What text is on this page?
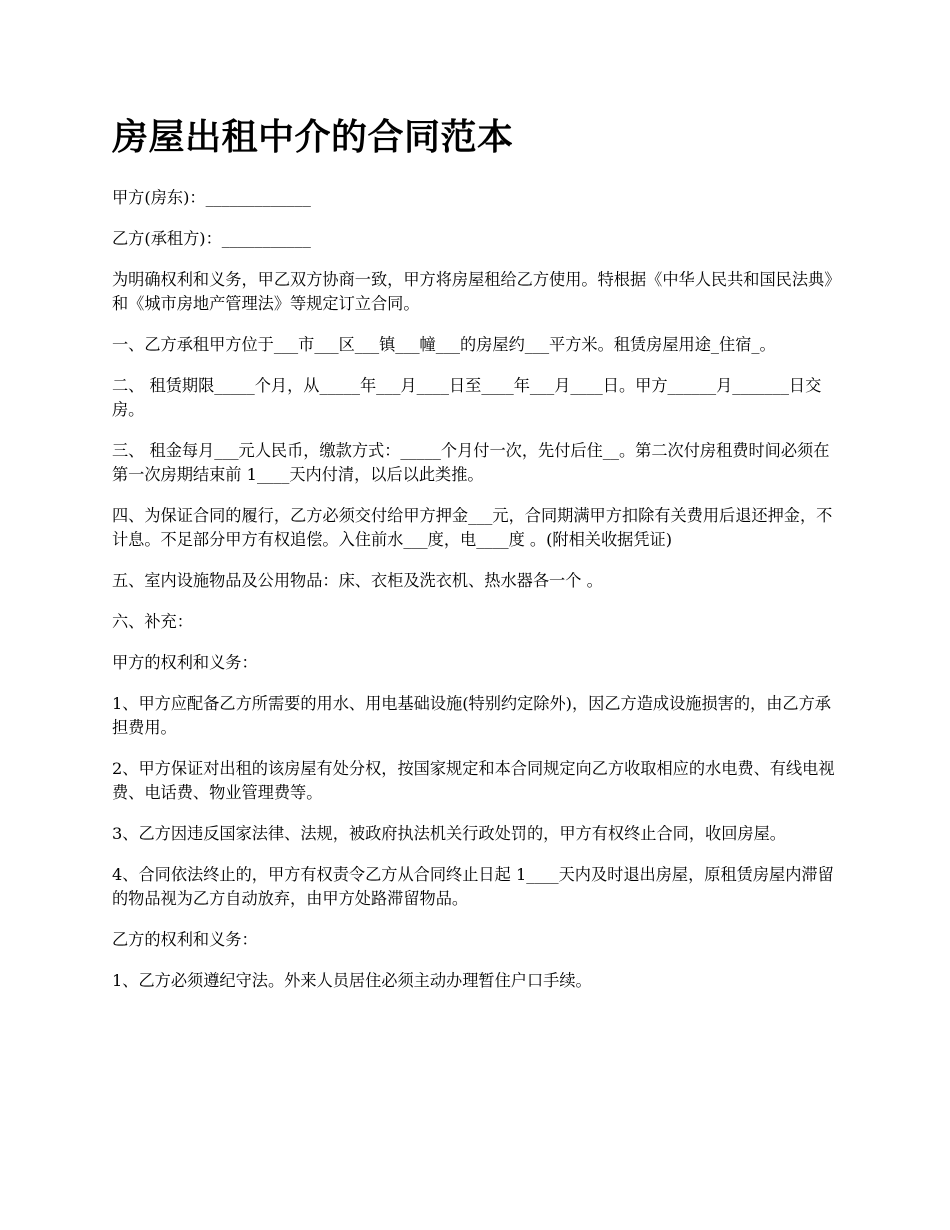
房屋出租中介的合同范本

甲方(房东)：_____________

乙方(承租方)：___________

为明确权利和义务，甲乙双方协商一致，甲方将房屋租给乙方使用。特根据《中华人民共和国民法典》和《城市房地产管理法》等规定订立合同。

一、乙方承租甲方位于___市___区___镇___幢___的房屋约___平方米。租赁房屋用途_住宿_。

二、 租赁期限_____个月，从_____年___月____日至____年___月____日。甲方______月_______日交房。

三、 租金每月___元人民币，缴款方式：_____个月付一次，先付后住__。第二次付房租费时间必须在第一次房期结束前 1____天内付清，以后以此类推。

四、为保证合同的履行，乙方必须交付给甲方押金___元，合同期满甲方扣除有关费用后退还押金，不计息。不足部分甲方有权追偿。入住前水___度，电____度 。(附相关收据凭证)

五、室内设施物品及公用物品：床、衣柜及洗衣机、热水器各一个 。

六、补充：

甲方的权利和义务：

1、甲方应配备乙方所需要的用水、用电基础设施(特别约定除外)，因乙方造成设施损害的，由乙方承担费用。

2、甲方保证对出租的该房屋有处分权，按国家规定和本合同规定向乙方收取相应的水电费、有线电视费、电话费、物业管理费等。

3、乙方因违反国家法律、法规，被政府执法机关行政处罚的，甲方有权终止合同，收回房屋。

4、合同依法终止的，甲方有权责令乙方从合同终止日起 1____天内及时退出房屋，原租赁房屋内滞留的物品视为乙方自动放弃，由甲方处路滞留物品。

乙方的权利和义务：

1、乙方必须遵纪守法。外来人员居住必须主动办理暂住户口手续。
